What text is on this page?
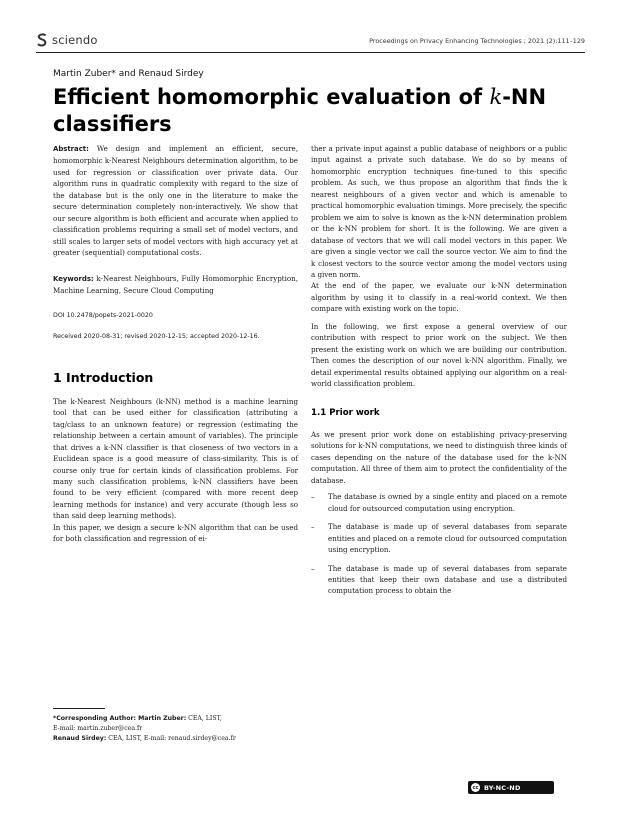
sciendo	Proceedings on Privacy Enhancing Technologies ; 2021 (2):111–129
Martin Zuber* and Renaud Sirdey
Efficient homomorphic evaluation of k-NN classifiers

Abstract: We design and implement an efficient, secure, homomorphic k-Nearest Neighbours determination algorithm, to be used for regression or classification over private data. Our algorithm runs in quadratic complexity with regard to the size of the database but is the only one in the literature to make the secure determination completely non-interactively. We show that our secure algorithm is both efficient and accurate when applied to classification problems requiring a small set of model vectors, and still scales to larger sets of model vectors with high accuracy yet at greater (sequential) computational costs.

Keywords: k-Nearest Neighbours, Fully Homomorphic Encryption, Machine Learning, Secure Cloud Computing

DOI 10.2478/popets-2021-0020

Received 2020-08-31; revised 2020-12-15; accepted 2020-12-16.

1 Introduction

The k-Nearest Neighbours (k-NN) method is a machine learning tool that can be used either for classification (attributing a tag/class to an unknown feature) or regression (estimating the relationship between a certain amount of variables). The principle that drives a k-NN classifier is that closeness of two vectors in a Euclidean space is a good measure of class-similarity. This is of course only true for certain kinds of classification problems. For many such classification problems, k-NN classifiers have been found to be very efficient (compared with more recent deep learning methods for instance) and very accurate (though less so than said deep learning methods).

In this paper, we design a secure k-NN algorithm that can be used for both classification and regression of ei-

*Corresponding Author: Martin Zuber: CEA, LIST,
E-mail: martin.zuber@cea.fr
Renaud Sirdey: CEA, LIST, E-mail: renaud.sirdey@cea.fr

ther a private input against a public database of neighbors or a public input against a private such database. We do so by means of homomorphic encryption techniques fine-tuned to this specific problem. As such, we thus propose an algorithm that finds the k nearest neighbours of a given vector and which is amenable to practical homomorphic evaluation timings. More precisely, the specific problem we aim to solve is known as the k-NN determination problem or the k-NN problem for short. It is the following. We are given a database of vectors that we will call model vectors in this paper. We are given a single vector we call the source vector. We aim to find the k closest vectors to the source vector among the model vectors using a given norm.

At the end of the paper, we evaluate our k-NN determination algorithm by using it to classify in a real-world context. We then compare with existing work on the topic.

In the following, we first expose a general overview of our contribution with respect to prior work on the subject. We then present the existing work on which we are building our contribution. Then comes the description of our novel k-NN algorithm. Finally, we detail experimental results obtained applying our algorithm on a real-world classification problem.

1.1 Prior work

As we present prior work done on establishing privacy-preserving solutions for k-NN computations, we need to distinguish three kinds of cases depending on the nature of the database used for the k-NN computation. All three of them aim to protect the confidentiality of the database.

–	The database is owned by a single entity and placed on a remote cloud for outsourced computation using encryption.
–	The database is made up of several databases from separate entities and placed on a remote cloud for outsourced computation using encryption.
–	The database is made up of several databases from separate entities that keep their own database and use a distributed computation process to obtain the
cc BY-NC-ND
